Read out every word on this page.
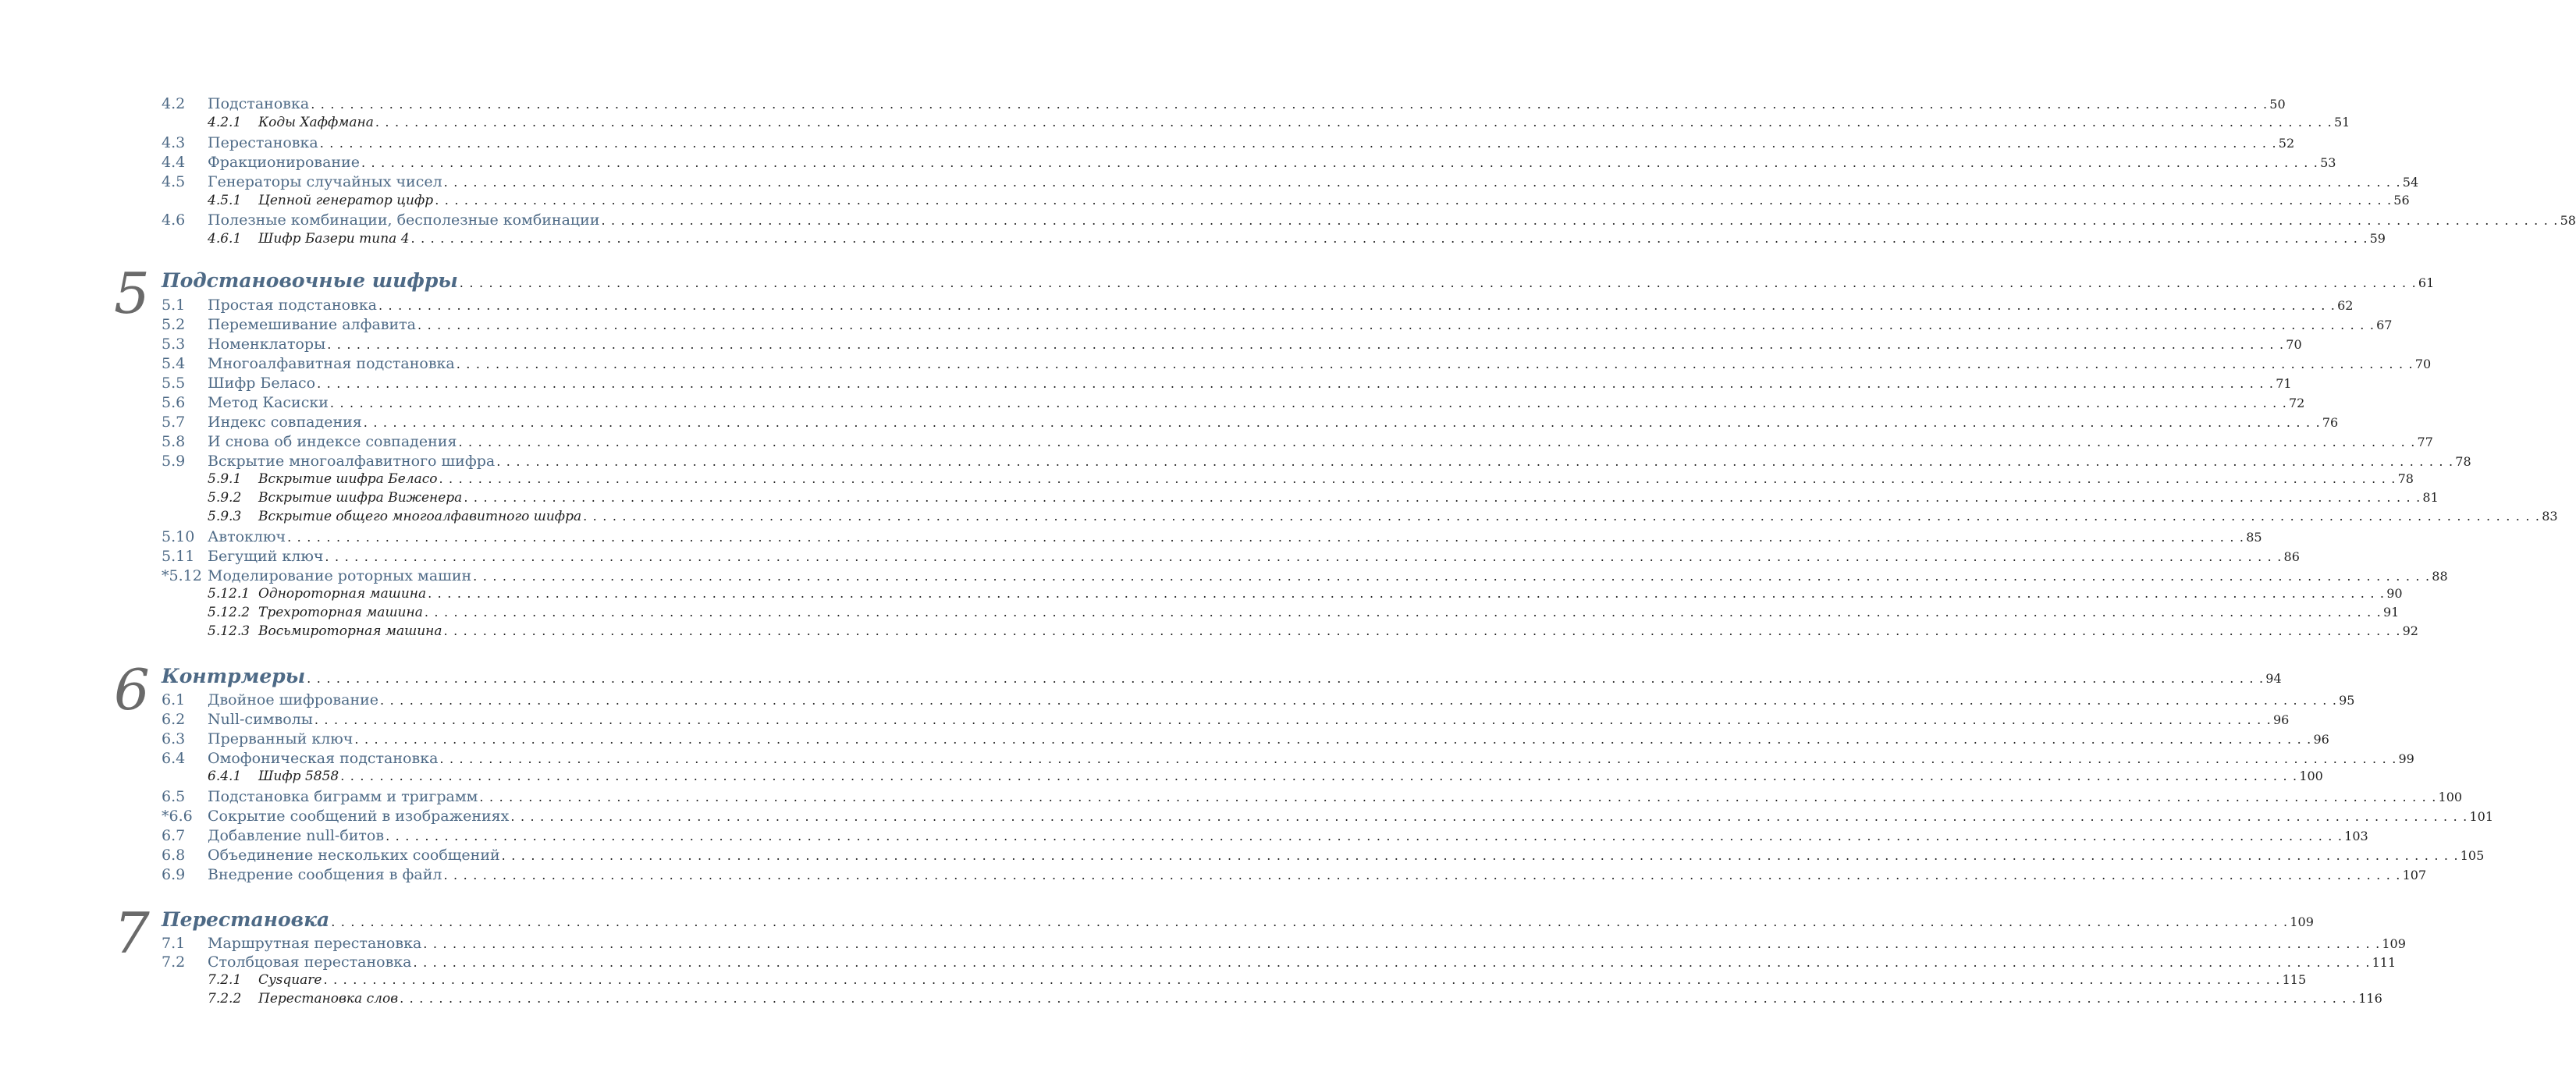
4.2	Подстановка . . . . . . . . . . . . . . . . . . . . . . . . . . . . . . . . . . . . . . . . . . . . . . . . . . . . . . . . . . . . . . . . . . . . . . . . . . . . . . . . . . . . . . . . . . . . . . . . . . . . . . . . . . . . . . . . . . . . . . . . . . . . . . . . . . . . . . . . . . . . . . . . . . . . . . . . . . . . . . . . . . . . . . . . . . . . . . . . . . . . . . . . . . . . . . . . . . . . . . . . 50
4.2.1	Коды Хаффмана . . . . . . . . . . . . . . . . . . . . . . . . . . . . . . . . . . . . . . . . . . . . . . . . . . . . . . . . . . . . . . . . . . . . . . . . . . . . . . . . . . . . . . . . . . . . . . . . . . . . . . . . . . . . . . . . . . . . . . . . . . . . . . . . . . . . . . . . . . . . . . . . . . . . . . . . . . . . . . . . . . . . . . . . . . . . . . . . . . . . . . . . . . . . . . . . . . . . . . . . 51
4.3	Перестановка . . . . . . . . . . . . . . . . . . . . . . . . . . . . . . . . . . . . . . . . . . . . . . . . . . . . . . . . . . . . . . . . . . . . . . . . . . . . . . . . . . . . . . . . . . . . . . . . . . . . . . . . . . . . . . . . . . . . . . . . . . . . . . . . . . . . . . . . . . . . . . . . . . . . . . . . . . . . . . . . . . . . . . . . . . . . . . . . . . . . . . . . . . . . . . . . . . . . . . . . 52
4.4	Фракционирование . . . . . . . . . . . . . . . . . . . . . . . . . . . . . . . . . . . . . . . . . . . . . . . . . . . . . . . . . . . . . . . . . . . . . . . . . . . . . . . . . . . . . . . . . . . . . . . . . . . . . . . . . . . . . . . . . . . . . . . . . . . . . . . . . . . . . . . . . . . . . . . . . . . . . . . . . . . . . . . . . . . . . . . . . . . . . . . . . . . . . . . . . . . . . . . . . . . . . . . . 53
4.5	Генераторы случайных чисел . . . . . . . . . . . . . . . . . . . . . . . . . . . . . . . . . . . . . . . . . . . . . . . . . . . . . . . . . . . . . . . . . . . . . . . . . . . . . . . . . . . . . . . . . . . . . . . . . . . . . . . . . . . . . . . . . . . . . . . . . . . . . . . . . . . . . . . . . . . . . . . . . . . . . . . . . . . . . . . . . . . . . . . . . . . . . . . . . . . . . . . . . . . . . . . . . . . . . . . . 54
4.5.1	Цепной генератор цифр . . . . . . . . . . . . . . . . . . . . . . . . . . . . . . . . . . . . . . . . . . . . . . . . . . . . . . . . . . . . . . . . . . . . . . . . . . . . . . . . . . . . . . . . . . . . . . . . . . . . . . . . . . . . . . . . . . . . . . . . . . . . . . . . . . . . . . . . . . . . . . . . . . . . . . . . . . . . . . . . . . . . . . . . . . . . . . . . . . . . . . . . . . . . . . . . . . . . . . . . 56
4.6	Полезные комбинации, бесполезные комбинации . . . . . . . . . . . . . . . . . . . . . . . . . . . . . . . . . . . . . . . . . . . . . . . . . . . . . . . . . . . . . . . . . . . . . . . . . . . . . . . . . . . . . . . . . . . . . . . . . . . . . . . . . . . . . . . . . . . . . . . . . . . . . . . . . . . . . . . . . . . . . . . . . . . . . . . . . . . . . . . . . . . . . . . . . . . . . . . . . . . . . . . . . . . . . . . . . . . . . . . . 58
4.6.1	Шифр Базери типа 4 . . . . . . . . . . . . . . . . . . . . . . . . . . . . . . . . . . . . . . . . . . . . . . . . . . . . . . . . . . . . . . . . . . . . . . . . . . . . . . . . . . . . . . . . . . . . . . . . . . . . . . . . . . . . . . . . . . . . . . . . . . . . . . . . . . . . . . . . . . . . . . . . . . . . . . . . . . . . . . . . . . . . . . . . . . . . . . . . . . . . . . . . . . . . . . . . . . . . . . . . 59
5 Подстановочные шифры . . . . . . . . . . . . . . . . . . . . . . . . . . . . . . . . . . . . . . . . . . . . . . . . . . . . . . . . . . . . . . . . . . . . . . . . . . . . . . . . . . . . . . . . . . . . . . . . . . . . . . . . . . . . . . . . . . . . . . . . . . . . . . . . . . . . . . . . . . . . . . . . . . . . . . . . . . . . . . . . . . . . . . . . . . . . . . . . . . . . . . . . . . . . . . . . . . . . . . . . 61
5.1	Простая подстановка . . . . . . . . . . . . . . . . . . . . . . . . . . . . . . . . . . . . . . . . . . . . . . . . . . . . . . . . . . . . . . . . . . . . . . . . . . . . . . . . . . . . . . . . . . . . . . . . . . . . . . . . . . . . . . . . . . . . . . . . . . . . . . . . . . . . . . . . . . . . . . . . . . . . . . . . . . . . . . . . . . . . . . . . . . . . . . . . . . . . . . . . . . . . . . . . . . . . . . . . 62
5.2	Перемешивание алфавита . . . . . . . . . . . . . . . . . . . . . . . . . . . . . . . . . . . . . . . . . . . . . . . . . . . . . . . . . . . . . . . . . . . . . . . . . . . . . . . . . . . . . . . . . . . . . . . . . . . . . . . . . . . . . . . . . . . . . . . . . . . . . . . . . . . . . . . . . . . . . . . . . . . . . . . . . . . . . . . . . . . . . . . . . . . . . . . . . . . . . . . . . . . . . . . . . . . . . . . . 67
5.3	Номенклаторы . . . . . . . . . . . . . . . . . . . . . . . . . . . . . . . . . . . . . . . . . . . . . . . . . . . . . . . . . . . . . . . . . . . . . . . . . . . . . . . . . . . . . . . . . . . . . . . . . . . . . . . . . . . . . . . . . . . . . . . . . . . . . . . . . . . . . . . . . . . . . . . . . . . . . . . . . . . . . . . . . . . . . . . . . . . . . . . . . . . . . . . . . . . . . . . . . . . . . . . . 70
5.4	Многоалфавитная подстановка . . . . . . . . . . . . . . . . . . . . . . . . . . . . . . . . . . . . . . . . . . . . . . . . . . . . . . . . . . . . . . . . . . . . . . . . . . . . . . . . . . . . . . . . . . . . . . . . . . . . . . . . . . . . . . . . . . . . . . . . . . . . . . . . . . . . . . . . . . . . . . . . . . . . . . . . . . . . . . . . . . . . . . . . . . . . . . . . . . . . . . . . . . . . . . . . . . . . . . . . 70
5.5	Шифр Беласо . . . . . . . . . . . . . . . . . . . . . . . . . . . . . . . . . . . . . . . . . . . . . . . . . . . . . . . . . . . . . . . . . . . . . . . . . . . . . . . . . . . . . . . . . . . . . . . . . . . . . . . . . . . . . . . . . . . . . . . . . . . . . . . . . . . . . . . . . . . . . . . . . . . . . . . . . . . . . . . . . . . . . . . . . . . . . . . . . . . . . . . . . . . . . . . . . . . . . . . . 71
5.6	Метод Касиски . . . . . . . . . . . . . . . . . . . . . . . . . . . . . . . . . . . . . . . . . . . . . . . . . . . . . . . . . . . . . . . . . . . . . . . . . . . . . . . . . . . . . . . . . . . . . . . . . . . . . . . . . . . . . . . . . . . . . . . . . . . . . . . . . . . . . . . . . . . . . . . . . . . . . . . . . . . . . . . . . . . . . . . . . . . . . . . . . . . . . . . . . . . . . . . . . . . . . . . . 72
5.7	Индекс совпадения . . . . . . . . . . . . . . . . . . . . . . . . . . . . . . . . . . . . . . . . . . . . . . . . . . . . . . . . . . . . . . . . . . . . . . . . . . . . . . . . . . . . . . . . . . . . . . . . . . . . . . . . . . . . . . . . . . . . . . . . . . . . . . . . . . . . . . . . . . . . . . . . . . . . . . . . . . . . . . . . . . . . . . . . . . . . . . . . . . . . . . . . . . . . . . . . . . . . . . . . 76
5.8	И снова об индексе совпадения . . . . . . . . . . . . . . . . . . . . . . . . . . . . . . . . . . . . . . . . . . . . . . . . . . . . . . . . . . . . . . . . . . . . . . . . . . . . . . . . . . . . . . . . . . . . . . . . . . . . . . . . . . . . . . . . . . . . . . . . . . . . . . . . . . . . . . . . . . . . . . . . . . . . . . . . . . . . . . . . . . . . . . . . . . . . . . . . . . . . . . . . . . . . . . . . . . . . . . . . 77
5.9	Вскрытие многоалфавитного шифра . . . . . . . . . . . . . . . . . . . . . . . . . . . . . . . . . . . . . . . . . . . . . . . . . . . . . . . . . . . . . . . . . . . . . . . . . . . . . . . . . . . . . . . . . . . . . . . . . . . . . . . . . . . . . . . . . . . . . . . . . . . . . . . . . . . . . . . . . . . . . . . . . . . . . . . . . . . . . . . . . . . . . . . . . . . . . . . . . . . . . . . . . . . . . . . . . . . . . . . . 78
5.9.1	Вскрытие шифра Беласо . . . . . . . . . . . . . . . . . . . . . . . . . . . . . . . . . . . . . . . . . . . . . . . . . . . . . . . . . . . . . . . . . . . . . . . . . . . . . . . . . . . . . . . . . . . . . . . . . . . . . . . . . . . . . . . . . . . . . . . . . . . . . . . . . . . . . . . . . . . . . . . . . . . . . . . . . . . . . . . . . . . . . . . . . . . . . . . . . . . . . . . . . . . . . . . . . . . . . . . . 78
5.9.2	Вскрытие шифра Виженера . . . . . . . . . . . . . . . . . . . . . . . . . . . . . . . . . . . . . . . . . . . . . . . . . . . . . . . . . . . . . . . . . . . . . . . . . . . . . . . . . . . . . . . . . . . . . . . . . . . . . . . . . . . . . . . . . . . . . . . . . . . . . . . . . . . . . . . . . . . . . . . . . . . . . . . . . . . . . . . . . . . . . . . . . . . . . . . . . . . . . . . . . . . . . . . . . . . . . . . . 81
5.9.3	Вскрытие общего многоалфавитного шифра . . . . . . . . . . . . . . . . . . . . . . . . . . . . . . . . . . . . . . . . . . . . . . . . . . . . . . . . . . . . . . . . . . . . . . . . . . . . . . . . . . . . . . . . . . . . . . . . . . . . . . . . . . . . . . . . . . . . . . . . . . . . . . . . . . . . . . . . . . . . . . . . . . . . . . . . . . . . . . . . . . . . . . . . . . . . . . . . . . . . . . . . . . . . . . . . . . . . . . . . 83
5.10 Автоключ . . . . . . . . . . . . . . . . . . . . . . . . . . . . . . . . . . . . . . . . . . . . . . . . . . . . . . . . . . . . . . . . . . . . . . . . . . . . . . . . . . . . . . . . . . . . . . . . . . . . . . . . . . . . . . . . . . . . . . . . . . . . . . . . . . . . . . . . . . . . . . . . . . . . . . . . . . . . . . . . . . . . . . . . . . . . . . . . . . . . . . . . . . . . . . . . . . . . . . . . 85
5.11 Бегущий ключ . . . . . . . . . . . . . . . . . . . . . . . . . . . . . . . . . . . . . . . . . . . . . . . . . . . . . . . . . . . . . . . . . . . . . . . . . . . . . . . . . . . . . . . . . . . . . . . . . . . . . . . . . . . . . . . . . . . . . . . . . . . . . . . . . . . . . . . . . . . . . . . . . . . . . . . . . . . . . . . . . . . . . . . . . . . . . . . . . . . . . . . . . . . . . . . . . . . . . . . . 86
*5.12 Моделирование роторных машин . . . . . . . . . . . . . . . . . . . . . . . . . . . . . . . . . . . . . . . . . . . . . . . . . . . . . . . . . . . . . . . . . . . . . . . . . . . . . . . . . . . . . . . . . . . . . . . . . . . . . . . . . . . . . . . . . . . . . . . . . . . . . . . . . . . . . . . . . . . . . . . . . . . . . . . . . . . . . . . . . . . . . . . . . . . . . . . . . . . . . . . . . . . . . . . . . . . . . . . . 88
5.12.1 Однороторная машина . . . . . . . . . . . . . . . . . . . . . . . . . . . . . . . . . . . . . . . . . . . . . . . . . . . . . . . . . . . . . . . . . . . . . . . . . . . . . . . . . . . . . . . . . . . . . . . . . . . . . . . . . . . . . . . . . . . . . . . . . . . . . . . . . . . . . . . . . . . . . . . . . . . . . . . . . . . . . . . . . . . . . . . . . . . . . . . . . . . . . . . . . . . . . . . . . . . . . . . . 90
5.12.2 Трехроторная машина . . . . . . . . . . . . . . . . . . . . . . . . . . . . . . . . . . . . . . . . . . . . . . . . . . . . . . . . . . . . . . . . . . . . . . . . . . . . . . . . . . . . . . . . . . . . . . . . . . . . . . . . . . . . . . . . . . . . . . . . . . . . . . . . . . . . . . . . . . . . . . . . . . . . . . . . . . . . . . . . . . . . . . . . . . . . . . . . . . . . . . . . . . . . . . . . . . . . . . . . 91
5.12.3 Восьмироторная машина . . . . . . . . . . . . . . . . . . . . . . . . . . . . . . . . . . . . . . . . . . . . . . . . . . . . . . . . . . . . . . . . . . . . . . . . . . . . . . . . . . . . . . . . . . . . . . . . . . . . . . . . . . . . . . . . . . . . . . . . . . . . . . . . . . . . . . . . . . . . . . . . . . . . . . . . . . . . . . . . . . . . . . . . . . . . . . . . . . . . . . . . . . . . . . . . . . . . . . . . 92
6 Контрмеры . . . . . . . . . . . . . . . . . . . . . . . . . . . . . . . . . . . . . . . . . . . . . . . . . . . . . . . . . . . . . . . . . . . . . . . . . . . . . . . . . . . . . . . . . . . . . . . . . . . . . . . . . . . . . . . . . . . . . . . . . . . . . . . . . . . . . . . . . . . . . . . . . . . . . . . . . . . . . . . . . . . . . . . . . . . . . . . . . . . . . . . . . . . . . . . . . . . . . . . . 94
6.1	Двойное шифрование . . . . . . . . . . . . . . . . . . . . . . . . . . . . . . . . . . . . . . . . . . . . . . . . . . . . . . . . . . . . . . . . . . . . . . . . . . . . . . . . . . . . . . . . . . . . . . . . . . . . . . . . . . . . . . . . . . . . . . . . . . . . . . . . . . . . . . . . . . . . . . . . . . . . . . . . . . . . . . . . . . . . . . . . . . . . . . . . . . . . . . . . . . . . . . . . . . . . . . . . 95
6.2	Null-символы . . . . . . . . . . . . . . . . . . . . . . . . . . . . . . . . . . . . . . . . . . . . . . . . . . . . . . . . . . . . . . . . . . . . . . . . . . . . . . . . . . . . . . . . . . . . . . . . . . . . . . . . . . . . . . . . . . . . . . . . . . . . . . . . . . . . . . . . . . . . . . . . . . . . . . . . . . . . . . . . . . . . . . . . . . . . . . . . . . . . . . . . . . . . . . . . . . . . . . . . 96
6.3	Прерванный ключ . . . . . . . . . . . . . . . . . . . . . . . . . . . . . . . . . . . . . . . . . . . . . . . . . . . . . . . . . . . . . . . . . . . . . . . . . . . . . . . . . . . . . . . . . . . . . . . . . . . . . . . . . . . . . . . . . . . . . . . . . . . . . . . . . . . . . . . . . . . . . . . . . . . . . . . . . . . . . . . . . . . . . . . . . . . . . . . . . . . . . . . . . . . . . . . . . . . . . . . . 96
6.4	Омофоническая подстановка . . . . . . . . . . . . . . . . . . . . . . . . . . . . . . . . . . . . . . . . . . . . . . . . . . . . . . . . . . . . . . . . . . . . . . . . . . . . . . . . . . . . . . . . . . . . . . . . . . . . . . . . . . . . . . . . . . . . . . . . . . . . . . . . . . . . . . . . . . . . . . . . . . . . . . . . . . . . . . . . . . . . . . . . . . . . . . . . . . . . . . . . . . . . . . . . . . . . . . . . 99
6.4.1	Шифр 5858 . . . . . . . . . . . . . . . . . . . . . . . . . . . . . . . . . . . . . . . . . . . . . . . . . . . . . . . . . . . . . . . . . . . . . . . . . . . . . . . . . . . . . . . . . . . . . . . . . . . . . . . . . . . . . . . . . . . . . . . . . . . . . . . . . . . . . . . . . . . . . . . . . . . . . . . . . . . . . . . . . . . . . . . . . . . . . . . . . . . . . . . . . . . . . . . . . . . . . . . . 100
6.5	Подстановка биграмм и триграмм . . . . . . . . . . . . . . . . . . . . . . . . . . . . . . . . . . . . . . . . . . . . . . . . . . . . . . . . . . . . . . . . . . . . . . . . . . . . . . . . . . . . . . . . . . . . . . . . . . . . . . . . . . . . . . . . . . . . . . . . . . . . . . . . . . . . . . . . . . . . . . . . . . . . . . . . . . . . . . . . . . . . . . . . . . . . . . . . . . . . . . . . . . . . . . . . . . . . . . . . 100
*6.6	Сокрытие сообщений в изображениях . . . . . . . . . . . . . . . . . . . . . . . . . . . . . . . . . . . . . . . . . . . . . . . . . . . . . . . . . . . . . . . . . . . . . . . . . . . . . . . . . . . . . . . . . . . . . . . . . . . . . . . . . . . . . . . . . . . . . . . . . . . . . . . . . . . . . . . . . . . . . . . . . . . . . . . . . . . . . . . . . . . . . . . . . . . . . . . . . . . . . . . . . . . . . . . . . . . . . . . . 101
6.7	Добавление null-битов . . . . . . . . . . . . . . . . . . . . . . . . . . . . . . . . . . . . . . . . . . . . . . . . . . . . . . . . . . . . . . . . . . . . . . . . . . . . . . . . . . . . . . . . . . . . . . . . . . . . . . . . . . . . . . . . . . . . . . . . . . . . . . . . . . . . . . . . . . . . . . . . . . . . . . . . . . . . . . . . . . . . . . . . . . . . . . . . . . . . . . . . . . . . . . . . . . . . . . . . 103
6.8	Объединение нескольких сообщений . . . . . . . . . . . . . . . . . . . . . . . . . . . . . . . . . . . . . . . . . . . . . . . . . . . . . . . . . . . . . . . . . . . . . . . . . . . . . . . . . . . . . . . . . . . . . . . . . . . . . . . . . . . . . . . . . . . . . . . . . . . . . . . . . . . . . . . . . . . . . . . . . . . . . . . . . . . . . . . . . . . . . . . . . . . . . . . . . . . . . . . . . . . . . . . . . . . . . . . . 105
6.9	Внедрение сообщения в файл . . . . . . . . . . . . . . . . . . . . . . . . . . . . . . . . . . . . . . . . . . . . . . . . . . . . . . . . . . . . . . . . . . . . . . . . . . . . . . . . . . . . . . . . . . . . . . . . . . . . . . . . . . . . . . . . . . . . . . . . . . . . . . . . . . . . . . . . . . . . . . . . . . . . . . . . . . . . . . . . . . . . . . . . . . . . . . . . . . . . . . . . . . . . . . . . . . . . . . . . 107
7 Перестановка . . . . . . . . . . . . . . . . . . . . . . . . . . . . . . . . . . . . . . . . . . . . . . . . . . . . . . . . . . . . . . . . . . . . . . . . . . . . . . . . . . . . . . . . . . . . . . . . . . . . . . . . . . . . . . . . . . . . . . . . . . . . . . . . . . . . . . . . . . . . . . . . . . . . . . . . . . . . . . . . . . . . . . . . . . . . . . . . . . . . . . . . . . . . . . . . . . . . . . . . 109
7.1	Маршрутная перестановка . . . . . . . . . . . . . . . . . . . . . . . . . . . . . . . . . . . . . . . . . . . . . . . . . . . . . . . . . . . . . . . . . . . . . . . . . . . . . . . . . . . . . . . . . . . . . . . . . . . . . . . . . . . . . . . . . . . . . . . . . . . . . . . . . . . . . . . . . . . . . . . . . . . . . . . . . . . . . . . . . . . . . . . . . . . . . . . . . . . . . . . . . . . . . . . . . . . . . . . . 109
7.2	Столбцовая перестановка . . . . . . . . . . . . . . . . . . . . . . . . . . . . . . . . . . . . . . . . . . . . . . . . . . . . . . . . . . . . . . . . . . . . . . . . . . . . . . . . . . . . . . . . . . . . . . . . . . . . . . . . . . . . . . . . . . . . . . . . . . . . . . . . . . . . . . . . . . . . . . . . . . . . . . . . . . . . . . . . . . . . . . . . . . . . . . . . . . . . . . . . . . . . . . . . . . . . . . . . 111
7.2.1	Cysquare . . . . . . . . . . . . . . . . . . . . . . . . . . . . . . . . . . . . . . . . . . . . . . . . . . . . . . . . . . . . . . . . . . . . . . . . . . . . . . . . . . . . . . . . . . . . . . . . . . . . . . . . . . . . . . . . . . . . . . . . . . . . . . . . . . . . . . . . . . . . . . . . . . . . . . . . . . . . . . . . . . . . . . . . . . . . . . . . . . . . . . . . . . . . . . . . . . . . . . . . 115
7.2.2	Перестановка слов . . . . . . . . . . . . . . . . . . . . . . . . . . . . . . . . . . . . . . . . . . . . . . . . . . . . . . . . . . . . . . . . . . . . . . . . . . . . . . . . . . . . . . . . . . . . . . . . . . . . . . . . . . . . . . . . . . . . . . . . . . . . . . . . . . . . . . . . . . . . . . . . . . . . . . . . . . . . . . . . . . . . . . . . . . . . . . . . . . . . . . . . . . . . . . . . . . . . . . . . 116
